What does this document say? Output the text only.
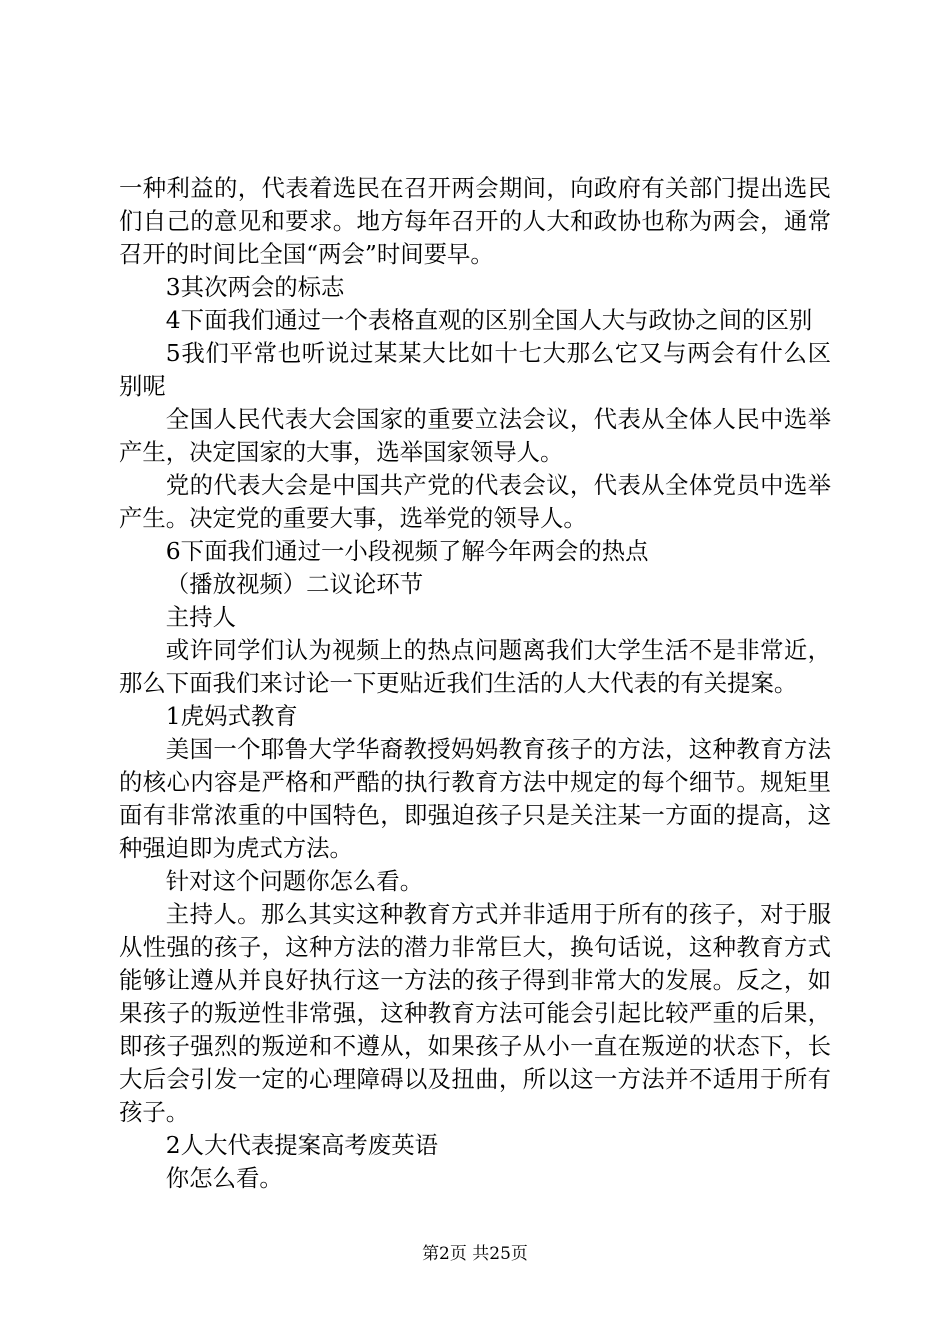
一种利益的，代表着选民在召开两会期间，向政府有关部门提出选民们自己的意见和要求。地方每年召开的人大和政协也称为两会，通常召开的时间比全国“两会”时间要早。

3其次两会的标志

4下面我们通过一个表格直观的区别全国人大与政协之间的区别

5我们平常也听说过某某大比如十七大那么它又与两会有什么区别呢

全国人民代表大会国家的重要立法会议，代表从全体人民中选举产生，决定国家的大事，选举国家领导人。

党的代表大会是中国共产党的代表会议，代表从全体党员中选举产生。决定党的重要大事，选举党的领导人。

6下面我们通过一小段视频了解今年两会的热点

（播放视频）二议论环节

主持人

或许同学们认为视频上的热点问题离我们大学生活不是非常近，那么下面我们来讨论一下更贴近我们生活的人大代表的有关提案。

1虎妈式教育

美国一个耶鲁大学华裔教授妈妈教育孩子的方法，这种教育方法的核心内容是严格和严酷的执行教育方法中规定的每个细节。规矩里面有非常浓重的中国特色，即强迫孩子只是关注某一方面的提高，这种强迫即为虎式方法。

针对这个问题你怎么看。

主持人。那么其实这种教育方式并非适用于所有的孩子，对于服从性强的孩子，这种方法的潜力非常巨大，换句话说，这种教育方式能够让遵从并良好执行这一方法的孩子得到非常大的发展。反之，如果孩子的叛逆性非常强，这种教育方法可能会引起比较严重的后果，即孩子强烈的叛逆和不遵从，如果孩子从小一直在叛逆的状态下，长大后会引发一定的心理障碍以及扭曲，所以这一方法并不适用于所有孩子。

2人大代表提案高考废英语

你怎么看。

第2页 共25页
